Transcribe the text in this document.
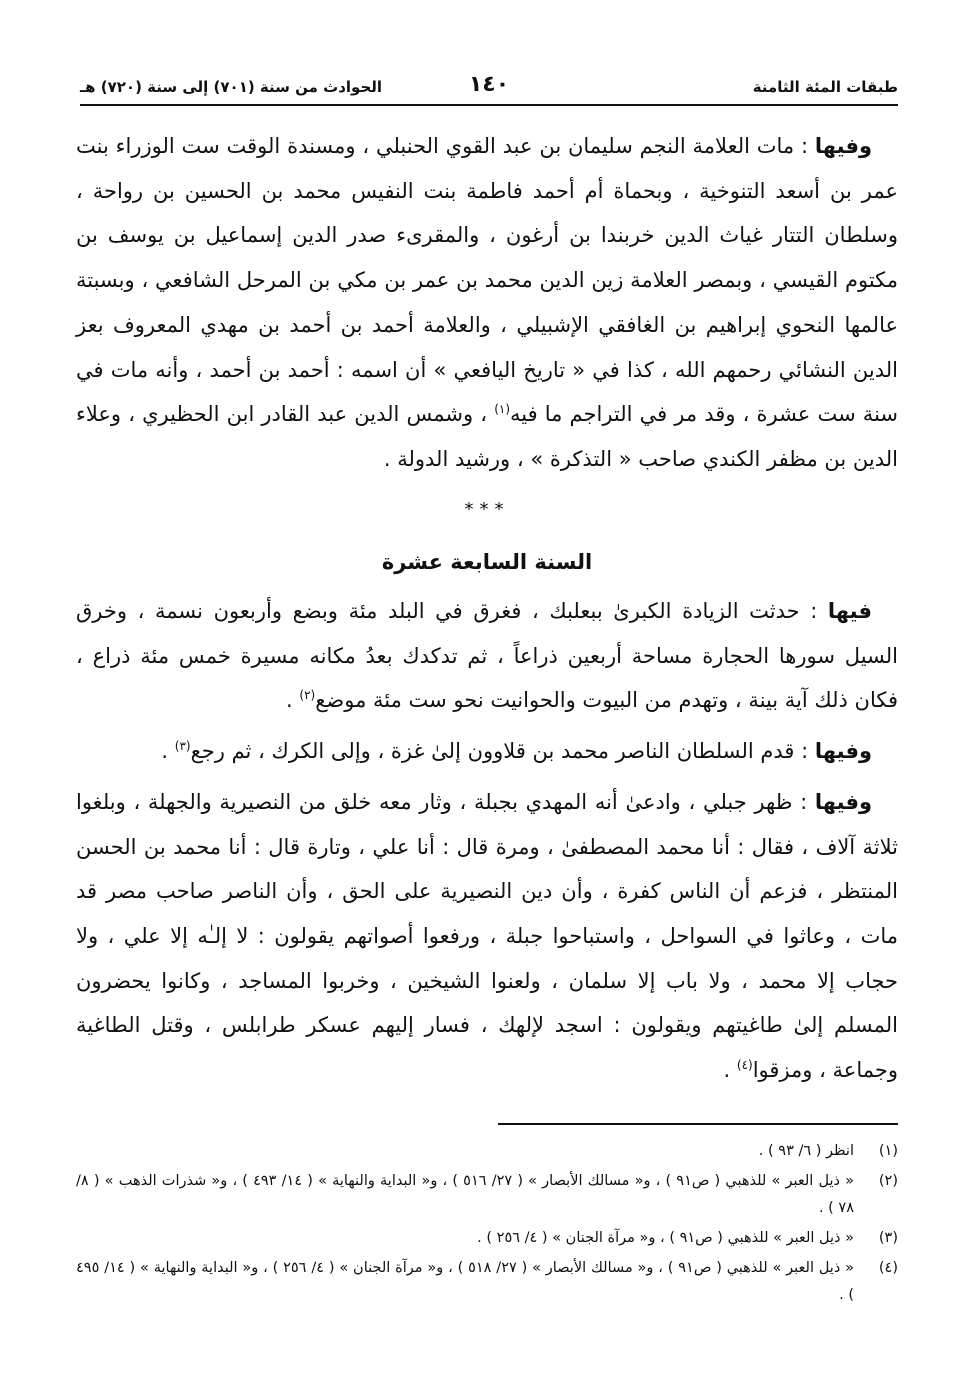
طبقات المئة الثامنة
١٤٠
الحوادث من سنة (٧٠١) إلى سنة (٧٢٠) هـ

وفيها : مات العلامة النجم سليمان بن عبد القوي الحنبلي ، ومسندة الوقت ست الوزراء بنت عمر بن أسعد التنوخية ، وبحماة أم أحمد فاطمة بنت النفيس محمد بن الحسين بن رواحة ، وسلطان التتار غياث الدين خربندا بن أرغون ، والمقرىء صدر الدين إسماعيل بن يوسف بن مكتوم القيسي ، وبمصر العلامة زين الدين محمد بن عمر بن مكي بن المرحل الشافعي ، وبسبتة عالمها النحوي إبراهيم بن الغافقي الإشبيلي ، والعلامة أحمد بن أحمد بن مهدي المعروف بعز الدين النشائي رحمهم الله ، كذا في « تاريخ اليافعي » أن اسمه : أحمد بن أحمد ، وأنه مات في سنة ست عشرة ، وقد مر في التراجم ما فيه$^{(١)}$ ، وشمس الدين عبد القادر ابن الحظيري ، وعلاء الدين بن مظفر الكندي صاحب « التذكرة » ، ورشيد الدولة .

***
السنة السابعة عشرة

فيها : حدثت الزيادة الكبرىٰ ببعلبك ، فغرق في البلد مئة وبضع وأربعون نسمة ، وخرق السيل سورها الحجارة مساحة أربعين ذراعاً ، ثم تدكدك بعدُ مكانه مسيرة خمس مئة ذراع ، فكان ذلك آية بينة ، وتهدم من البيوت والحوانيت نحو ست مئة موضع$^{(٢)}$ .

وفيها : قدم السلطان الناصر محمد بن قلاوون إلىٰ غزة ، وإلى الكرك ، ثم رجع$^{(٣)}$ .

وفيها : ظهر جبلي ، وادعىٰ أنه المهدي بجبلة ، وثار معه خلق من النصيرية والجهلة ، وبلغوا ثلاثة آلاف ، فقال : أنا محمد المصطفىٰ ، ومرة قال : أنا علي ، وتارة قال : أنا محمد بن الحسن المنتظر ، فزعم أن الناس كفرة ، وأن دين النصيرية على الحق ، وأن الناصر صاحب مصر قد مات ، وعاثوا في السواحل ، واستباحوا جبلة ، ورفعوا أصواتهم يقولون : لا إلـٰه إلا علي ، ولا حجاب إلا محمد ، ولا باب إلا سلمان ، ولعنوا الشيخين ، وخربوا المساجد ، وكانوا يحضرون المسلم إلىٰ طاغيتهم ويقولون : اسجد لإلهك ، فسار إليهم عسكر طرابلس ، وقتل الطاغية وجماعة ، ومزقوا$^{(٤)}$ .

(١)
انظر ( ٦/ ٩٣ ) .
(٢)
« ذيل العبر » للذهبي ( ص٩١ ) ، و« مسالك الأبصار » ( ٢٧/ ٥١٦ ) ، و« البداية والنهاية » ( ١٤/ ٤٩٣ ) ، و« شذرات الذهب » ( ٨/ ٧٨ ) .
(٣)
« ذيل العبر » للذهبي ( ص٩١ ) ، و« مرآة الجنان » ( ٤/ ٢٥٦ ) .
(٤)
« ذيل العبر » للذهبي ( ص٩١ ) ، و« مسالك الأبصار » ( ٢٧/ ٥١٨ ) ، و« مرآة الجنان » ( ٤/ ٢٥٦ ) ، و« البداية والنهاية » ( ١٤/ ٤٩٥ ) .
